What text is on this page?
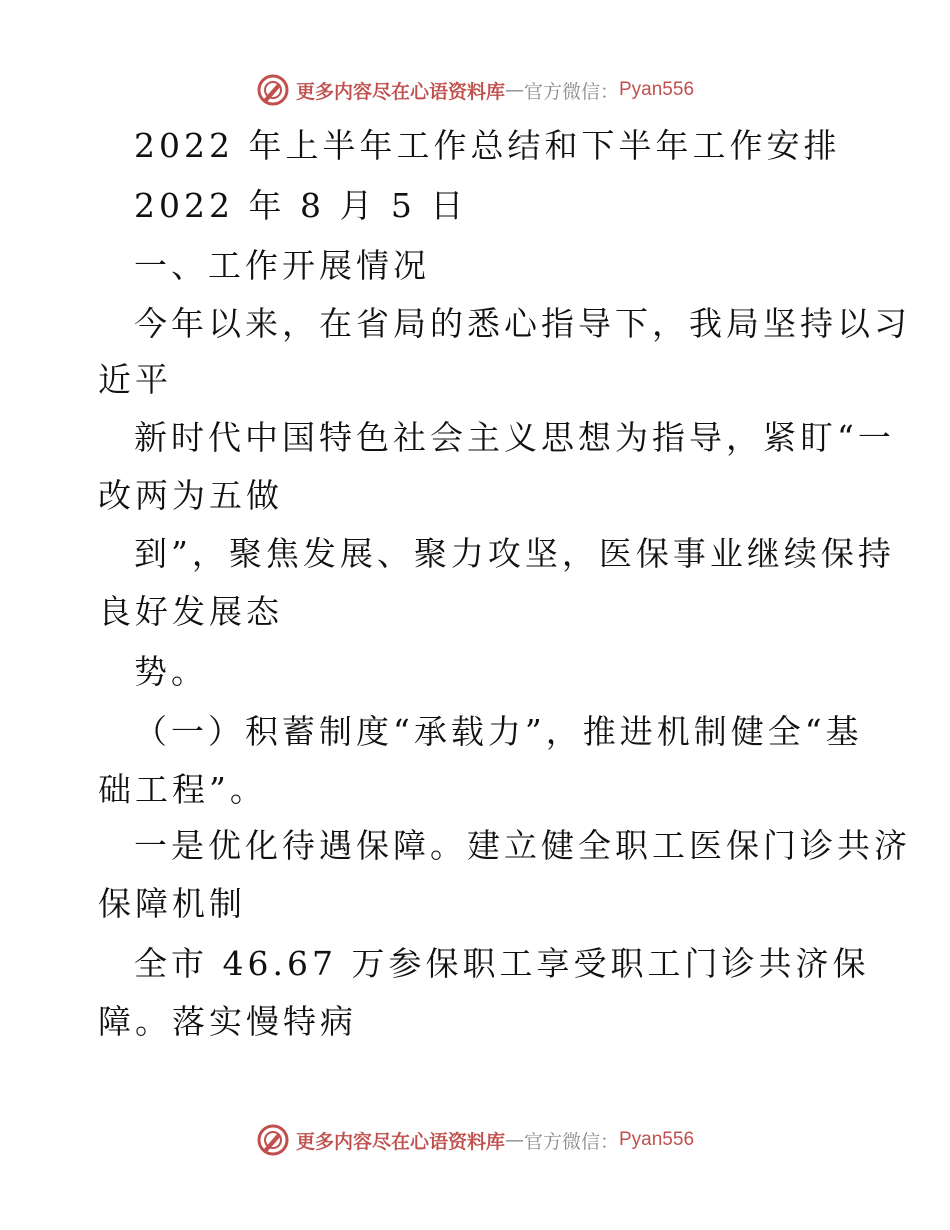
更多内容尽在心语资料库 — 官方微信： Pyan556
2022 年上半年工作总结和下半年工作安排
2022 年 8 月 5 日
一、工作开展情况
今年以来，在省局的悉心指导下，我局坚持以习
近平
新时代中国特色社会主义思想为指导，紧盯“一
改两为五做
到”，聚焦发展、聚力攻坚，医保事业继续保持
良好发展态
势。
（一）积蓄制度“承载力”，推进机制健全“基
础工程”。
一是优化待遇保障。建立健全职工医保门诊共济
保障机制
全市 46.67 万参保职工享受职工门诊共济保
障。落实慢特病
更多内容尽在心语资料库 — 官方微信： Pyan556
